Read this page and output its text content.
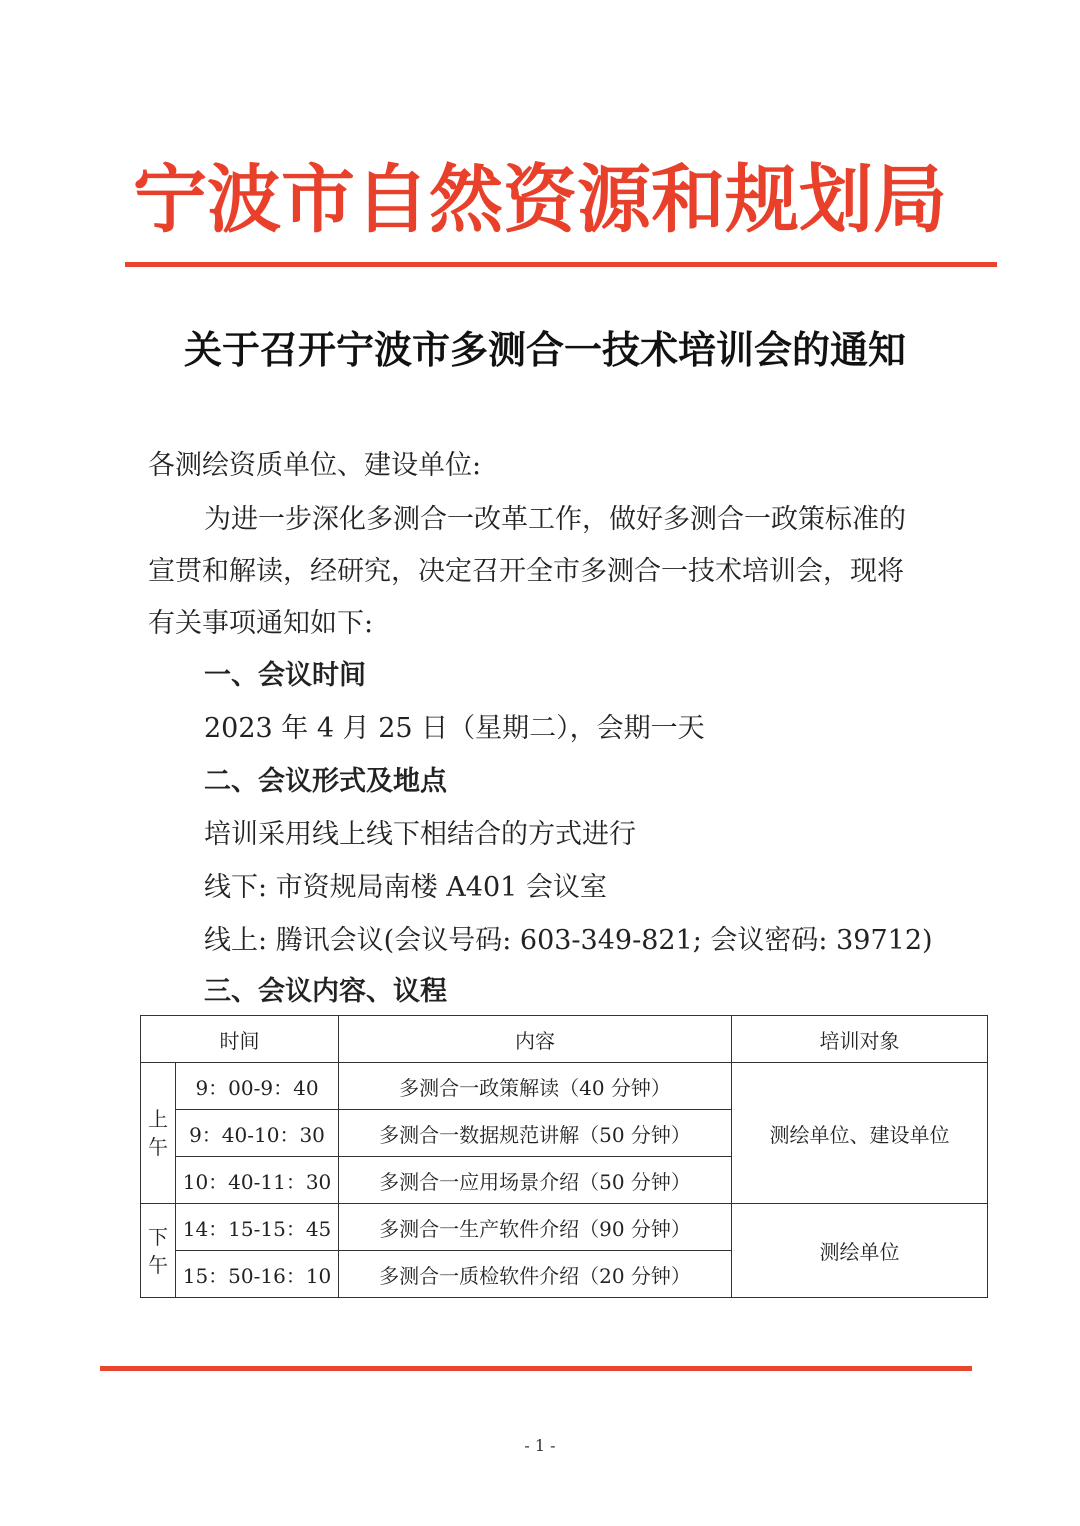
宁波市自然资源和规划局
关于召开宁波市多测合一技术培训会的通知
各测绘资质单位、建设单位:
为进一步深化多测合一改革工作，做好多测合一政策标准的
宣贯和解读，经研究，决定召开全市多测合一技术培训会，现将
有关事项通知如下:
一、会议时间
2023 年 4 月 25 日（星期二），会期一天
二、会议形式及地点
培训采用线上线下相结合的方式进行
线下: 市资规局南楼 A401 会议室
线上: 腾讯会议(会议号码: 603-349-821; 会议密码: 39712)
三、会议内容、议程
时间		内容	培训对象

上
午	9：00-9：40	多测合一政策解读（40 分钟）	测绘单位、建设单位
	9：40-10：30	多测合一数据规范讲解（50 分钟）	
	10：40-11：30	多测合一应用场景介绍（50 分钟）	

下
午	14：15-15：45	多测合一生产软件介绍（90 分钟）	测绘单位
	15：50-16：10	多测合一质检软件介绍（20 分钟）	
- 1 -
